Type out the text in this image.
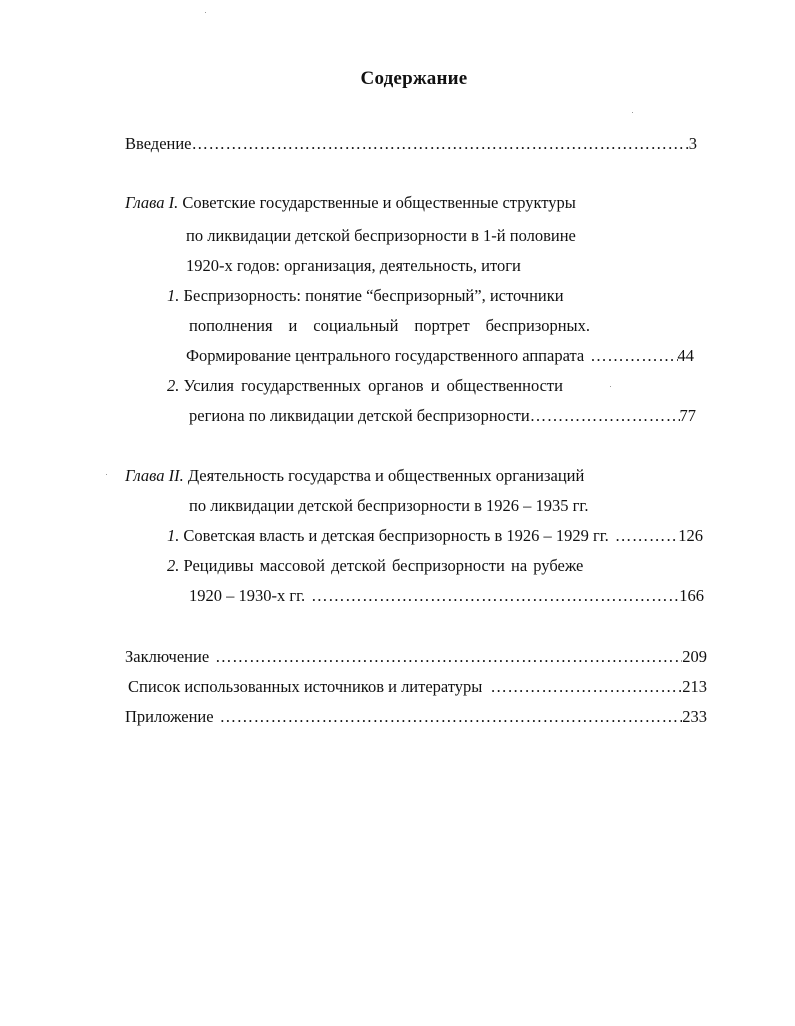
Содержание
Введение ……………………………………………………………………………………………………………………………………………………………	3
Глава I. Советские государственные и общественные структуры
по ликвидации детской беспризорности в 1-й половине
1920-х годов: организация, деятельность, итоги
1. Беспризорность: понятие “беспризорный”, источники
пополнения и социальный портрет беспризорных.
Формирование центрального государственного аппарата ……………………………………………………………………………………………………………………………………………………………	44
2. Усилия государственных органов и общественности
региона по ликвидации детской беспризорности ……………………………………………………………………………………………………………………………………………………………	77
Глава II. Деятельность государства и общественных организаций
по ликвидации детской беспризорности в 1926 – 1935 гг.
1. Советская власть и детская беспризорность в 1926 – 1929 гг. ……………………………………………………………………………………………………………………………………………………………	126
2. Рецидивы массовой детской беспризорности на рубеже
1920 – 1930-х гг. ……………………………………………………………………………………………………………………………………………………………	166
Заключение ……………………………………………………………………………………………………………………………………………………………	209
Список использованных источников и литературы ……………………………………………………………………………………………………………………………………………………………	213
Приложение ……………………………………………………………………………………………………………………………………………………………	233
